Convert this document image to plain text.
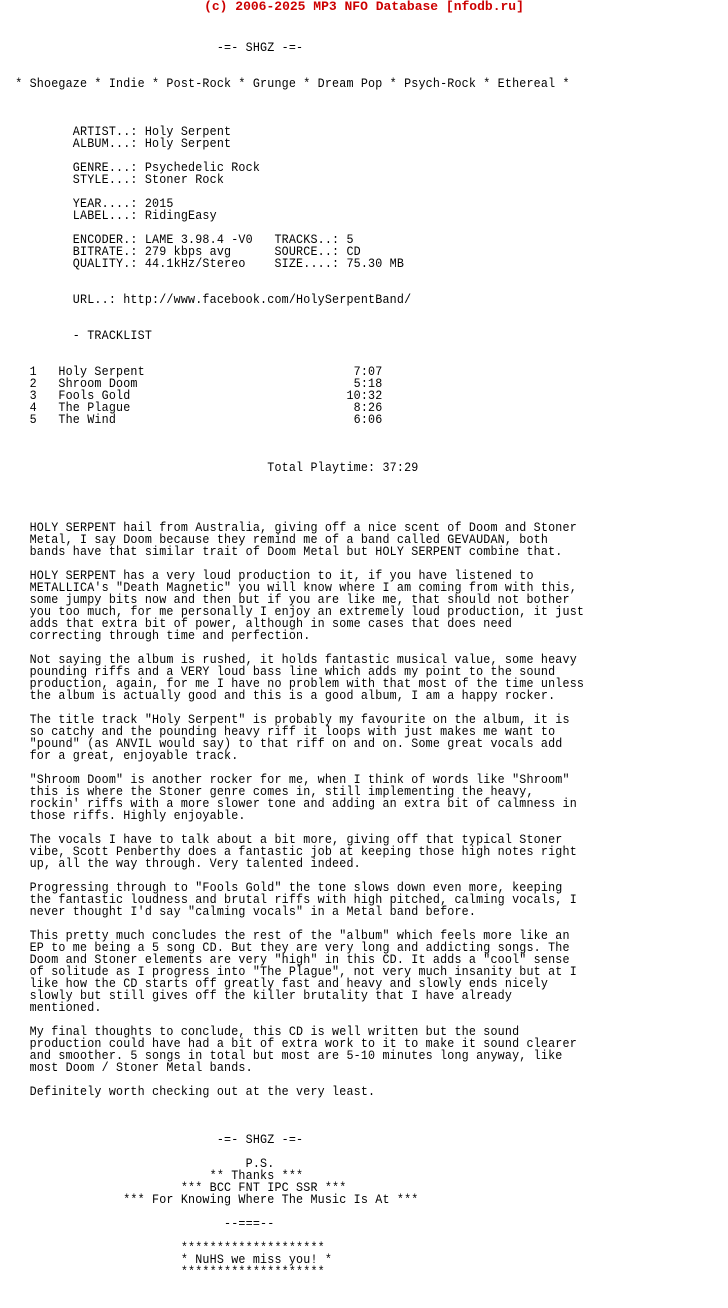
(c) 2006-2025 MP3 NFO Database [nfodb.ru]

-=- SHGZ -=-

* Shoegaze * Indie * Post-Rock * Grunge * Dream Pop * Psych-Rock * Ethereal *

ARTIST..: Holy Serpent
ALBUM...: Holy Serpent

GENRE...: Psychedelic Rock
STYLE...: Stoner Rock

YEAR....: 2015
LABEL...: RidingEasy

ENCODER.: LAME 3.98.4 -V0   TRACKS..: 5
BITRATE.: 279 kbps avg      SOURCE..: CD
QUALITY.: 44.1kHz/Stereo    SIZE....: 75.30 MB

URL..: http://www.facebook.com/HolySerpentBand/

- TRACKLIST

1   Holy Serpent                             7:07
2   Shroom Doom                              5:18
3   Fools Gold                              10:32
4   The Plague                               8:26
5   The Wind                                 6:06

Total Playtime: 37:29

HOLY SERPENT hail from Australia, giving off a nice scent of Doom and Stoner
Metal, I say Doom because they remind me of a band called GEVAUDAN, both
bands have that similar trait of Doom Metal but HOLY SERPENT combine that.

HOLY SERPENT has a very loud production to it, if you have listened to
METALLICA's "Death Magnetic" you will know where I am coming from with this,
some jumpy bits now and then but if you are like me, that should not bother
you too much, for me personally I enjoy an extremely loud production, it just
adds that extra bit of power, although in some cases that does need
correcting through time and perfection.

Not saying the album is rushed, it holds fantastic musical value, some heavy
pounding riffs and a VERY loud bass line which adds my point to the sound
production, again, for me I have no problem with that most of the time unless
the album is actually good and this is a good album, I am a happy rocker.

The title track "Holy Serpent" is probably my favourite on the album, it is
so catchy and the pounding heavy riff it loops with just makes me want to
"pound" (as ANVIL would say) to that riff on and on. Some great vocals add
for a great, enjoyable track.

"Shroom Doom" is another rocker for me, when I think of words like "Shroom"
this is where the Stoner genre comes in, still implementing the heavy,
rockin' riffs with a more slower tone and adding an extra bit of calmness in
those riffs. Highly enjoyable.

The vocals I have to talk about a bit more, giving off that typical Stoner
vibe, Scott Penberthy does a fantastic job at keeping those high notes right
up, all the way through. Very talented indeed.

Progressing through to "Fools Gold" the tone slows down even more, keeping
the fantastic loudness and brutal riffs with high pitched, calming vocals, I
never thought I'd say "calming vocals" in a Metal band before.

This pretty much concludes the rest of the "album" which feels more like an
EP to me being a 5 song CD. But they are very long and addicting songs. The
Doom and Stoner elements are very "high" in this CD. It adds a "cool" sense
of solitude as I progress into "The Plague", not very much insanity but at I
like how the CD starts off greatly fast and heavy and slowly ends nicely
slowly but still gives off the killer brutality that I have already
mentioned.

My final thoughts to conclude, this CD is well written but the sound
production could have had a bit of extra work to it to make it sound clearer
and smoother. 5 songs in total but most are 5-10 minutes long anyway, like
most Doom / Stoner Metal bands.

Definitely worth checking out at the very least.

-=- SHGZ -=-

P.S.
** Thanks ***
*** BCC FNT IPC SSR ***
*** For Knowing Where The Music Is At ***

--===--

********************
* NuHS we miss you! *
********************
